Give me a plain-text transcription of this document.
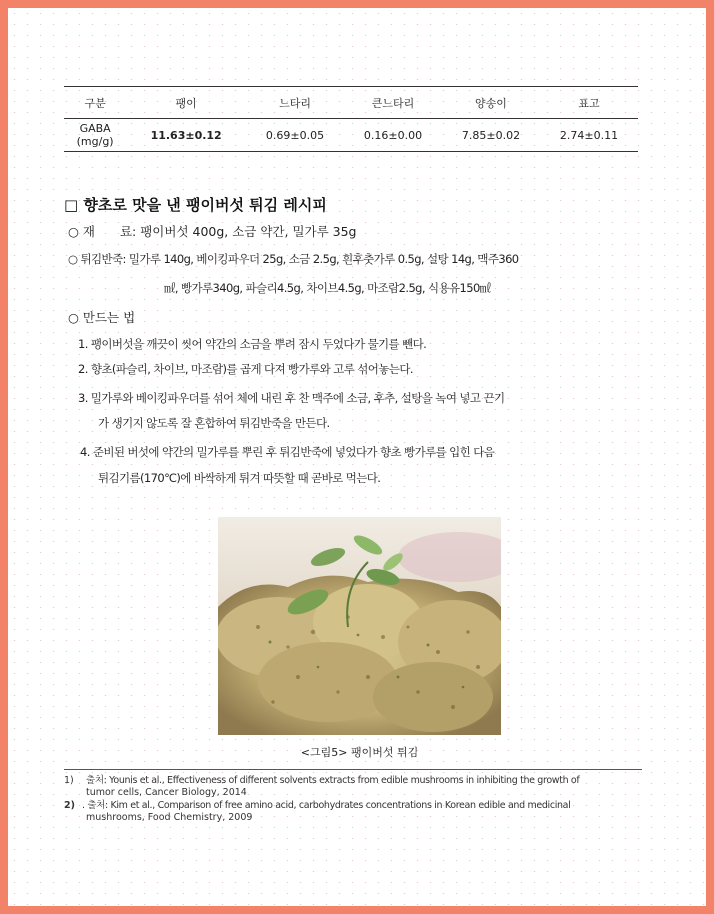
구분	팽이	느타리	큰느타리	양송이	표고

GABA
(mg/g)	11.63±0.12	0.69±0.05	0.16±0.00	7.85±0.02	2.74±0.11
□ 향초로 맛을 낸 팽이버섯 튀김 레시피
○ 재　　료: 팽이버섯 400g, 소금 약간, 밀가루 35g
○ 튀김반죽: 밀가루 140g, 베이킹파우더 25g, 소금 2.5g, 흰후춧가루 0.5g, 설탕 14g, 맥주360
㎖, 빵가루340g, 파슬리4.5g, 차이브4.5g, 마조람2.5g, 식용유150㎖
○ 만드는 법
1. 팽이버섯을 깨끗이 씻어 약간의 소금을 뿌려 잠시 두었다가 물기를 뺀다.
2. 향초(파슬리, 차이브, 마조람)를 곱게 다져 빵가루와 고루 섞어놓는다.
3. 밀가루와 베이킹파우더를 섞어 체에 내린 후 찬 맥주에 소금, 후추, 설탕을 녹여 넣고 끈기
가 생기지 않도록 잘 혼합하여 튀김반죽을 만든다.
4. 준비된 버섯에 약간의 밀가루를 뿌린 후 튀김반죽에 넣었다가 향초 빵가루를 입힌 다음
튀김기름(170℃)에 바싹하게 튀겨 따뜻할 때 곧바로 먹는다.
<그림5> 팽이버섯 튀김
1) 출처: Younis et al., Effectiveness of different solvents extracts from edible mushrooms in inhibiting the growth of
tumor cells, Cancer Biology, 2014
2) . 출처: Kim et al., Comparison of free amino acid, carbohydrates concentrations in Korean edible and medicinal
mushrooms, Food Chemistry, 2009
